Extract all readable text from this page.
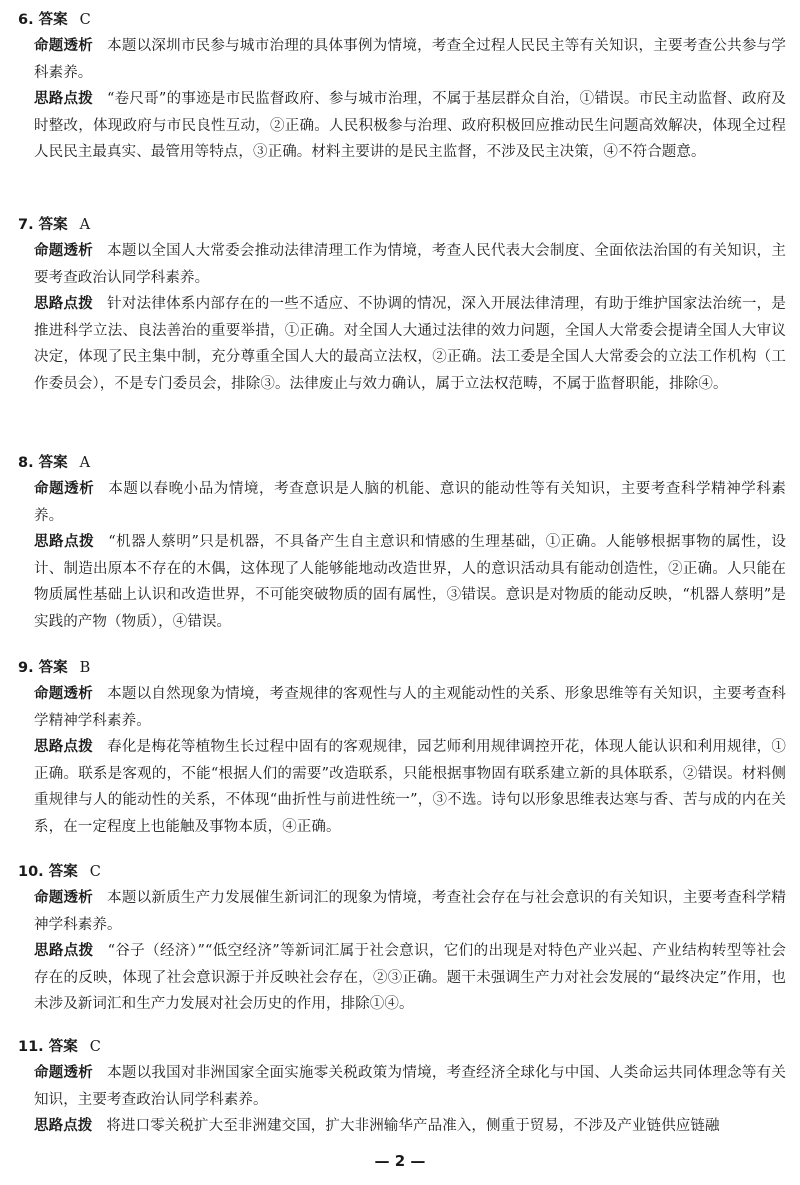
6. 答案 C
命题透析 本题以深圳市民参与城市治理的具体事例为情境，考查全过程人民民主等有关知识，主要考查公共参与学科素养。
思路点拨 “卷尺哥”的事迹是市民监督政府、参与城市治理，不属于基层群众自治，①错误。市民主动监督、政府及时整改，体现政府与市民良性互动，②正确。人民积极参与治理、政府积极回应推动民生问题高效解决，体现全过程人民民主最真实、最管用等特点，③正确。材料主要讲的是民主监督，不涉及民主决策，④不符合题意。
7. 答案 A
命题透析 本题以全国人大常委会推动法律清理工作为情境，考查人民代表大会制度、全面依法治国的有关知识，主要考查政治认同学科素养。
思路点拨 针对法律体系内部存在的一些不适应、不协调的情况，深入开展法律清理，有助于维护国家法治统一，是推进科学立法、良法善治的重要举措，①正确。对全国人大通过法律的效力问题，全国人大常委会提请全国人大审议决定，体现了民主集中制，充分尊重全国人大的最高立法权，②正确。法工委是全国人大常委会的立法工作机构（工作委员会），不是专门委员会，排除③。法律废止与效力确认，属于立法权范畴，不属于监督职能，排除④。
8. 答案 A
命题透析 本题以春晚小品为情境，考查意识是人脑的机能、意识的能动性等有关知识，主要考查科学精神学科素养。
思路点拨 “机器人蔡明”只是机器，不具备产生自主意识和情感的生理基础，①正确。人能够根据事物的属性，设计、制造出原本不存在的木偶，这体现了人能够能地动改造世界，人的意识活动具有能动创造性，②正确。人只能在物质属性基础上认识和改造世界，不可能突破物质的固有属性，③错误。意识是对物质的能动反映，“机器人蔡明”是实践的产物（物质），④错误。
9. 答案 B
命题透析 本题以自然现象为情境，考查规律的客观性与人的主观能动性的关系、形象思维等有关知识，主要考查科学精神学科素养。
思路点拨 春化是梅花等植物生长过程中固有的客观规律，园艺师利用规律调控开花，体现人能认识和利用规律，①正确。联系是客观的，不能“根据人们的需要”改造联系，只能根据事物固有联系建立新的具体联系，②错误。材料侧重规律与人的能动性的关系，不体现“曲折性与前进性统一”，③不选。诗句以形象思维表达寒与香、苦与成的内在关系，在一定程度上也能触及事物本质，④正确。
10. 答案 C
命题透析 本题以新质生产力发展催生新词汇的现象为情境，考查社会存在与社会意识的有关知识，主要考查科学精神学科素养。
思路点拨 “谷子（经济）”“低空经济”等新词汇属于社会意识，它们的出现是对特色产业兴起、产业结构转型等社会存在的反映，体现了社会意识源于并反映社会存在，②③正确。题干未强调生产力对社会发展的“最终决定”作用，也未涉及新词汇和生产力发展对社会历史的作用，排除①④。
11. 答案 C
命题透析 本题以我国对非洲国家全面实施零关税政策为情境，考查经济全球化与中国、人类命运共同体理念等有关知识，主要考查政治认同学科素养。
思路点拨 将进口零关税扩大至非洲建交国，扩大非洲输华产品准入，侧重于贸易，不涉及产业链供应链融
— 2 —
